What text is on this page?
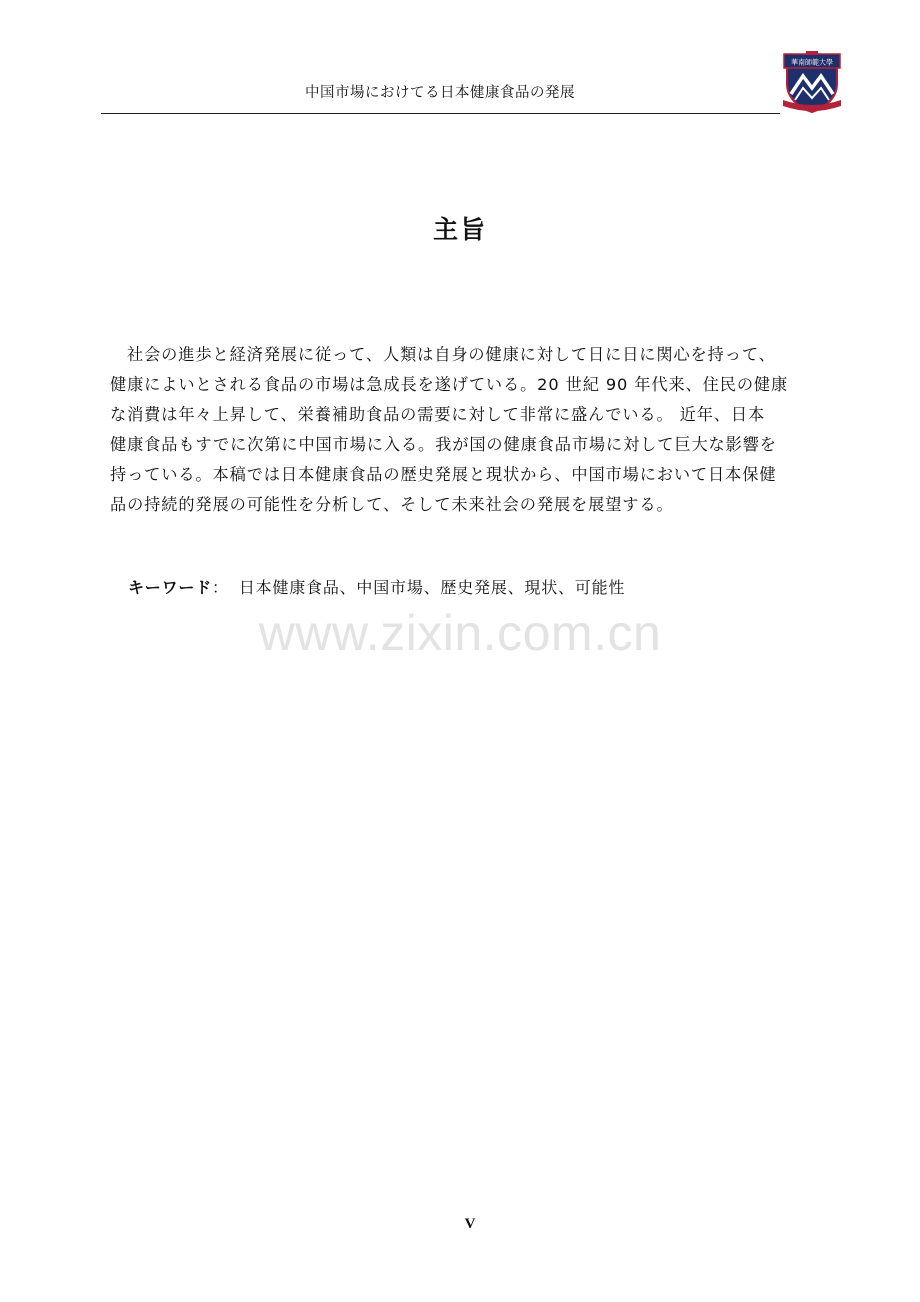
中国市場におけてる日本健康食品の発展
華南師範大學
主旨
社会の進歩と経済発展に従って、人類は自身の健康に対して日に日に関心を持って、
健康によいとされる食品の市場は急成長を遂げている。20 世紀 90 年代来、住民の健康
な消費は年々上昇して、栄養補助食品の需要に対して非常に盛んでいる。 近年、日本
健康食品もすでに次第に中国市場に入る。我が国の健康食品市場に対して巨大な影響を
持っている。本稿では日本健康食品の歴史発展と現状から、中国市場において日本保健
品の持続的発展の可能性を分析して、そして未来社会の発展を展望する。
キーワード： 日本健康食品、中国市場、歴史発展、現状、可能性
www.zixin.com.cn
V
